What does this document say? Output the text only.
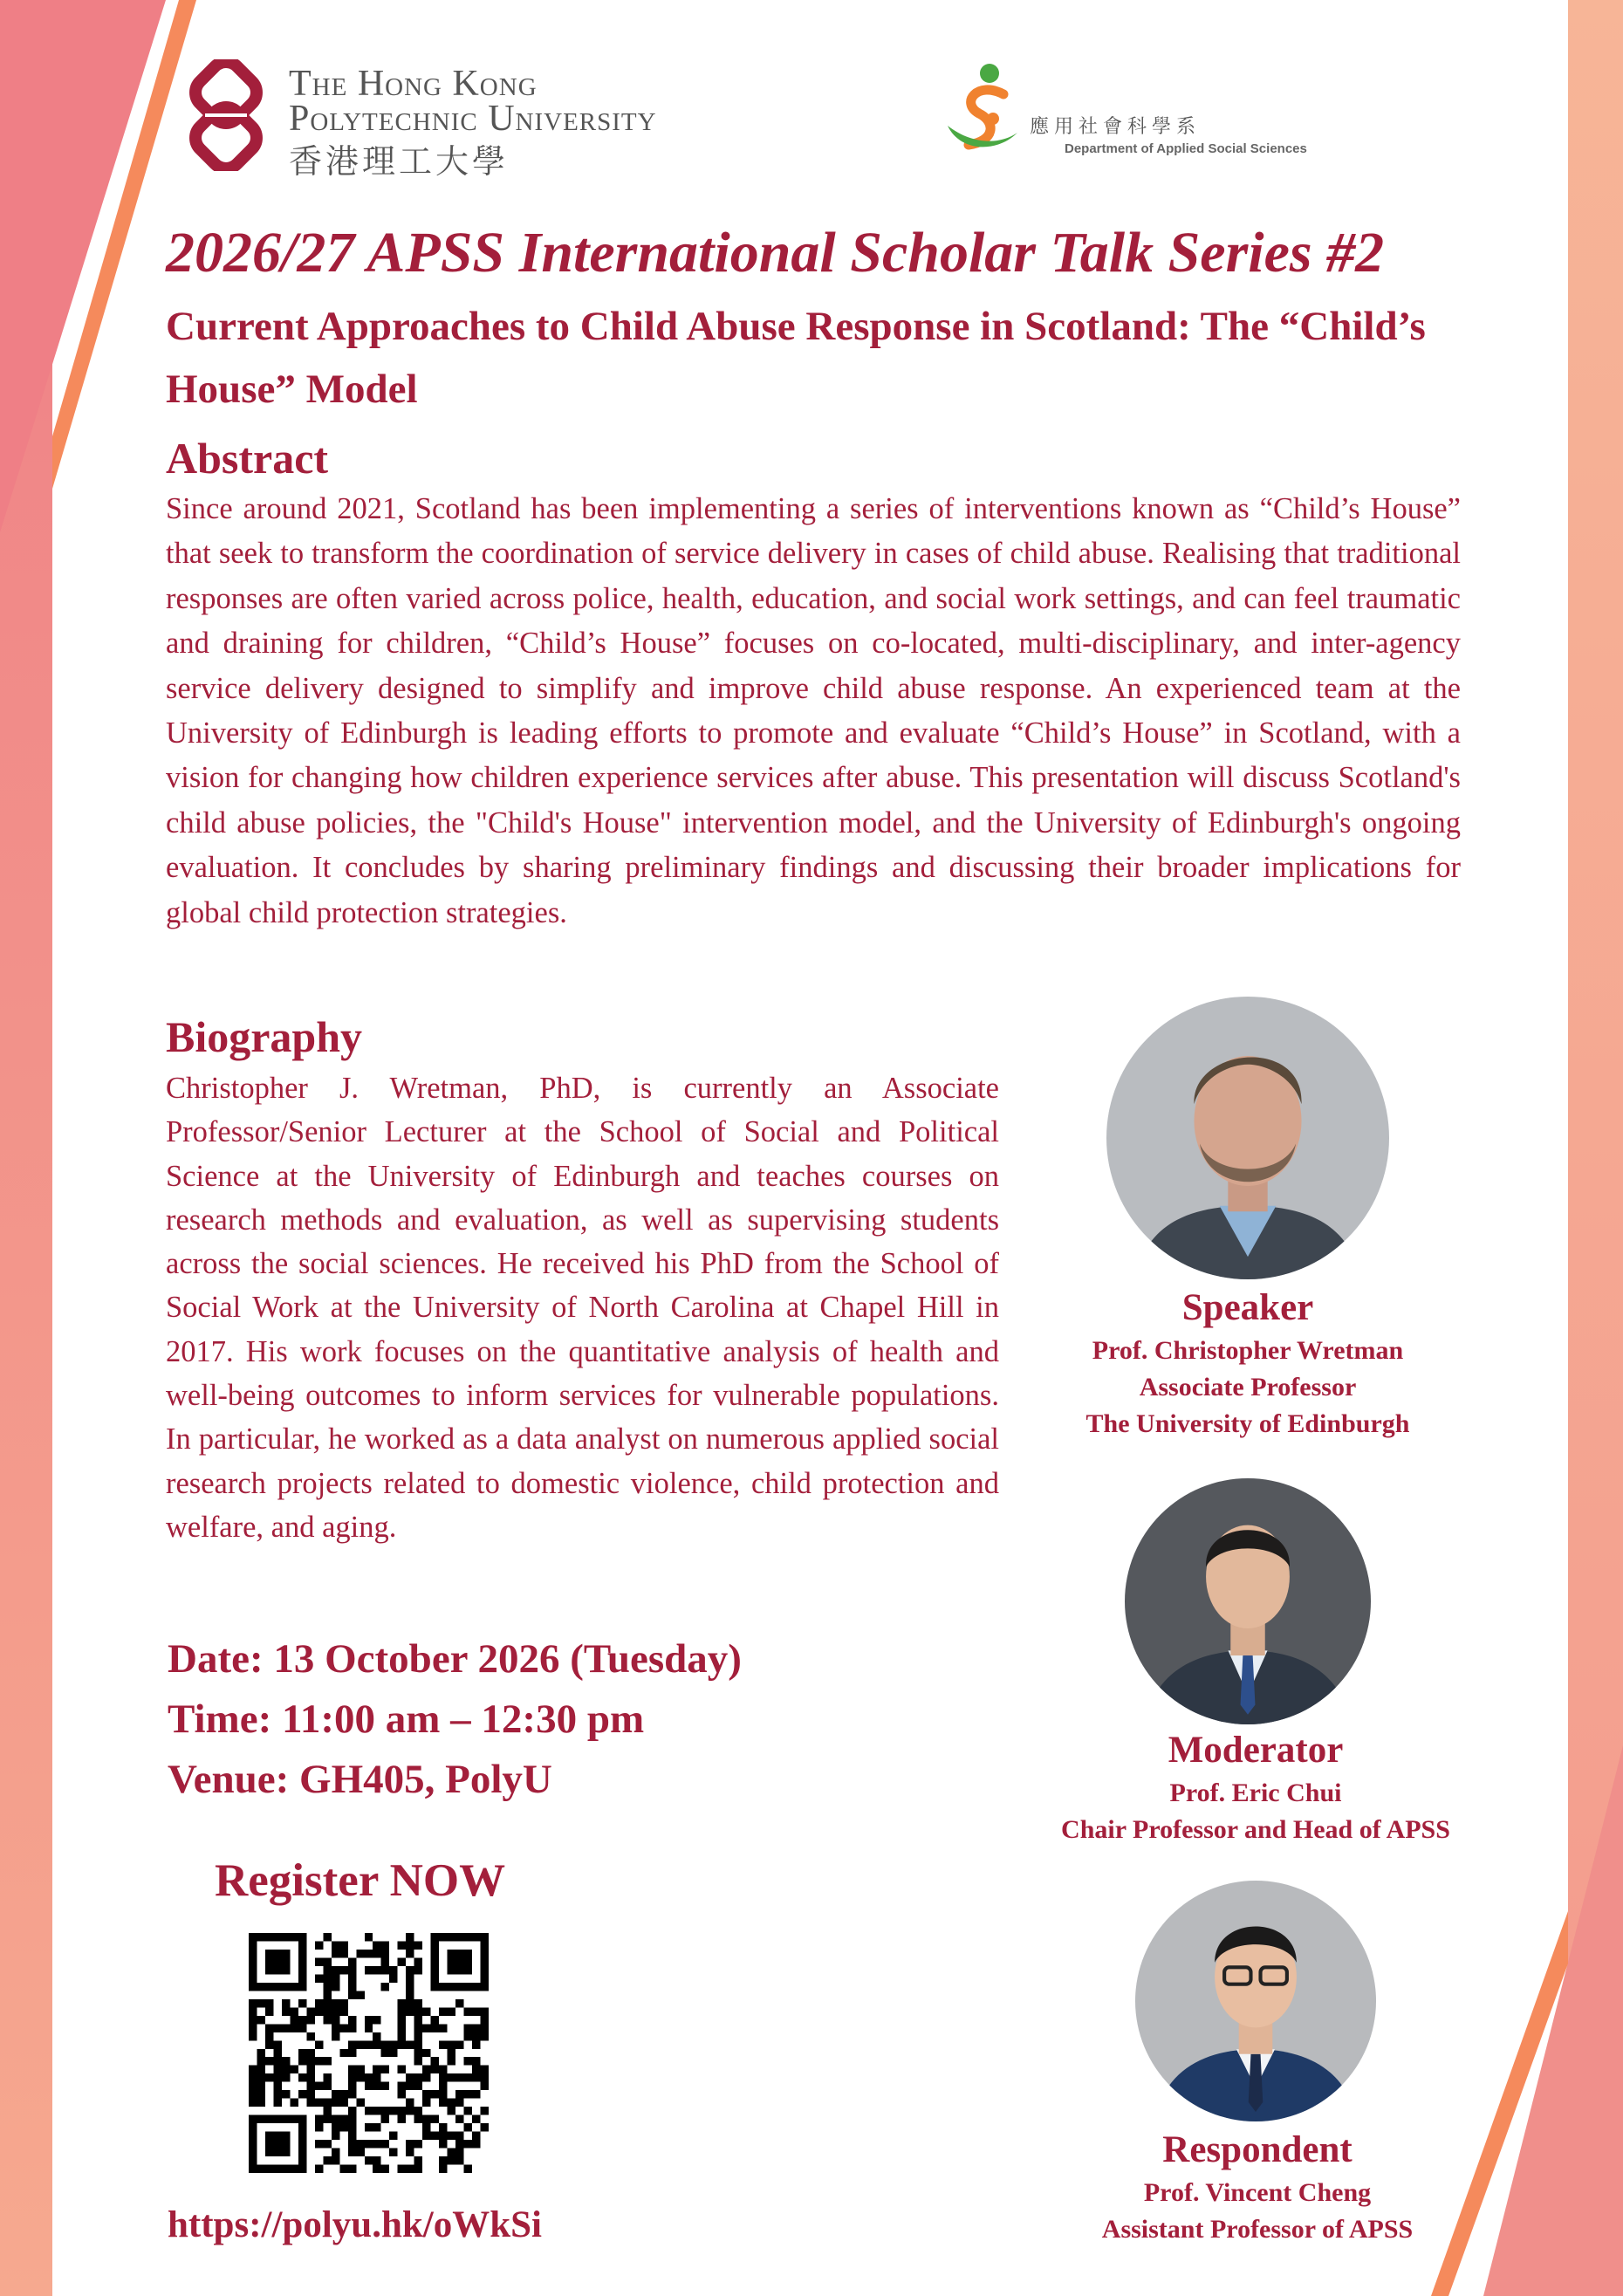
The Hong Kong
Polytechnic University
香港理工大學
應用社會科學系
Department of Applied Social Sciences
2026/27 APSS International Scholar Talk Series #2
Current Approaches to Child Abuse Response in Scotland: The “Child’s House” Model
Abstract
Since around 2021, Scotland has been implementing a series of interventions known as “Child’s House” that seek to transform the coordination of service delivery in cases of child abuse. Realising that traditional responses are often varied across police, health, education, and social work settings, and can feel traumatic and draining for children, “Child’s House” focuses on co-located, multi-disciplinary, and inter-agency service delivery designed to simplify and improve child abuse response. An experienced team at the University of Edinburgh is leading efforts to promote and evaluate “Child’s House” in Scotland, with a vision for changing how children experience services after abuse. This presentation will discuss Scotland's child abuse policies, the "Child's House" intervention model, and the University of Edinburgh's ongoing evaluation. It concludes by sharing preliminary findings and discussing their broader implications for global child protection strategies.
Biography
Christopher J. Wretman, PhD, is currently an Associate Professor/Senior Lecturer at the School of Social and Political Science at the University of Edinburgh and teaches courses on research methods and evaluation, as well as supervising students across the social sciences. He received his PhD from the School of Social Work at the University of North Carolina at Chapel Hill in 2017. His work focuses on the quantitative analysis of health and well-being outcomes to inform services for vulnerable populations. In particular, he worked as a data analyst on numerous applied social research projects related to domestic violence, child protection and welfare, and aging.
Date: 13 October 2026 (Tuesday)
Time: 11:00 am – 12:30 pm
Venue: GH405, PolyU
Register NOW
https://polyu.hk/oWkSi
Speaker
Prof. Christopher Wretman
Associate Professor
The University of Edinburgh
Moderator
Prof. Eric Chui
Chair Professor and Head of APSS
Respondent
Prof. Vincent Cheng
Assistant Professor of APSS
